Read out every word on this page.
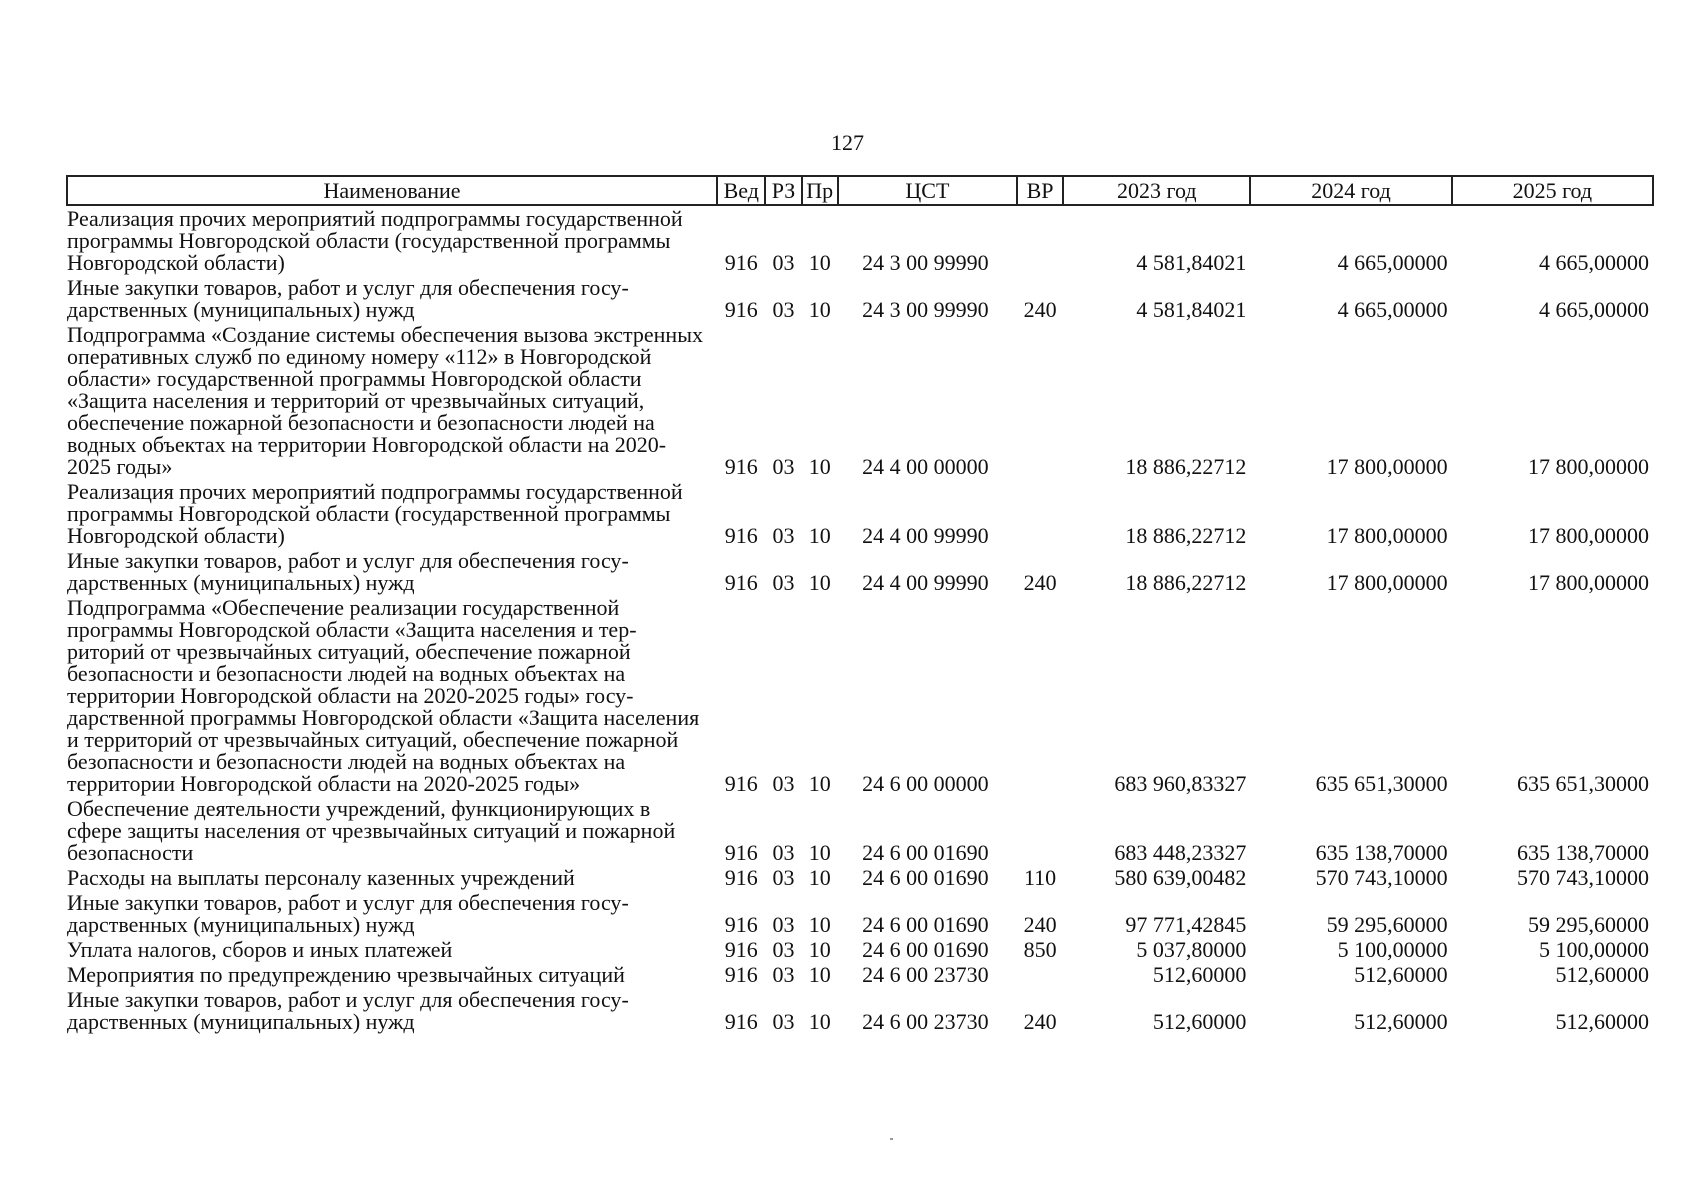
127
Наименование	Вед	РЗ	Пр	ЦСТ	ВР	2023 год	2024 год	2025 год
Реализация прочих мероприятий подпрограммы государственной программы Новгородской области (государственной программы Новгородской области)	916	03	10	24 3 00 99990		4 581,84021	4 665,00000	4 665,00000
Иные закупки товаров, работ и услуг для обеспечения государственных (муниципальных) нужд	916	03	10	24 3 00 99990	240	4 581,84021	4 665,00000	4 665,00000
Подпрограмма «Создание системы обеспечения вызова экстренных оперативных служб по единому номеру «112» в Новгородской области» государственной программы Новгородской области «Защита населения и территорий от чрезвычайных ситуаций, обеспечение пожарной безопасности и безопасности людей на водных объектах на территории Новгородской области на 2020-2025 годы»	916	03	10	24 4 00 00000		18 886,22712	17 800,00000	17 800,00000
Реализация прочих мероприятий подпрограммы государственной программы Новгородской области (государственной программы Новгородской области)	916	03	10	24 4 00 99990		18 886,22712	17 800,00000	17 800,00000
Иные закупки товаров, работ и услуг для обеспечения государственных (муниципальных) нужд	916	03	10	24 4 00 99990	240	18 886,22712	17 800,00000	17 800,00000
Подпрограмма «Обеспечение реализации государственной программы Новгородской области «Защита населения и территорий от чрезвычайных ситуаций, обеспечение пожарной безопасности и безопасности людей на водных объектах на территории Новгородской области на 2020-2025 годы» государственной программы Новгородской области «Защита населения и территорий от чрезвычайных ситуаций, обеспечение пожарной безопасности и безопасности людей на водных объектах на территории Новгородской области на 2020-2025 годы»	916	03	10	24 6 00 00000		683 960,83327	635 651,30000	635 651,30000
Обеспечение деятельности учреждений, функционирующих в сфере защиты населения от чрезвычайных ситуаций и пожарной безопасности	916	03	10	24 6 00 01690		683 448,23327	635 138,70000	635 138,70000
Расходы на выплаты персоналу казенных учреждений	916	03	10	24 6 00 01690	110	580 639,00482	570 743,10000	570 743,10000
Иные закупки товаров, работ и услуг для обеспечения государственных (муниципальных) нужд	916	03	10	24 6 00 01690	240	97 771,42845	59 295,60000	59 295,60000
Уплата налогов, сборов и иных платежей	916	03	10	24 6 00 01690	850	5 037,80000	5 100,00000	5 100,00000
Мероприятия по предупреждению чрезвычайных ситуаций	916	03	10	24 6 00 23730		512,60000	512,60000	512,60000
Иные закупки товаров, работ и услуг для обеспечения государственных (муниципальных) нужд	916	03	10	24 6 00 23730	240	512,60000	512,60000	512,60000
